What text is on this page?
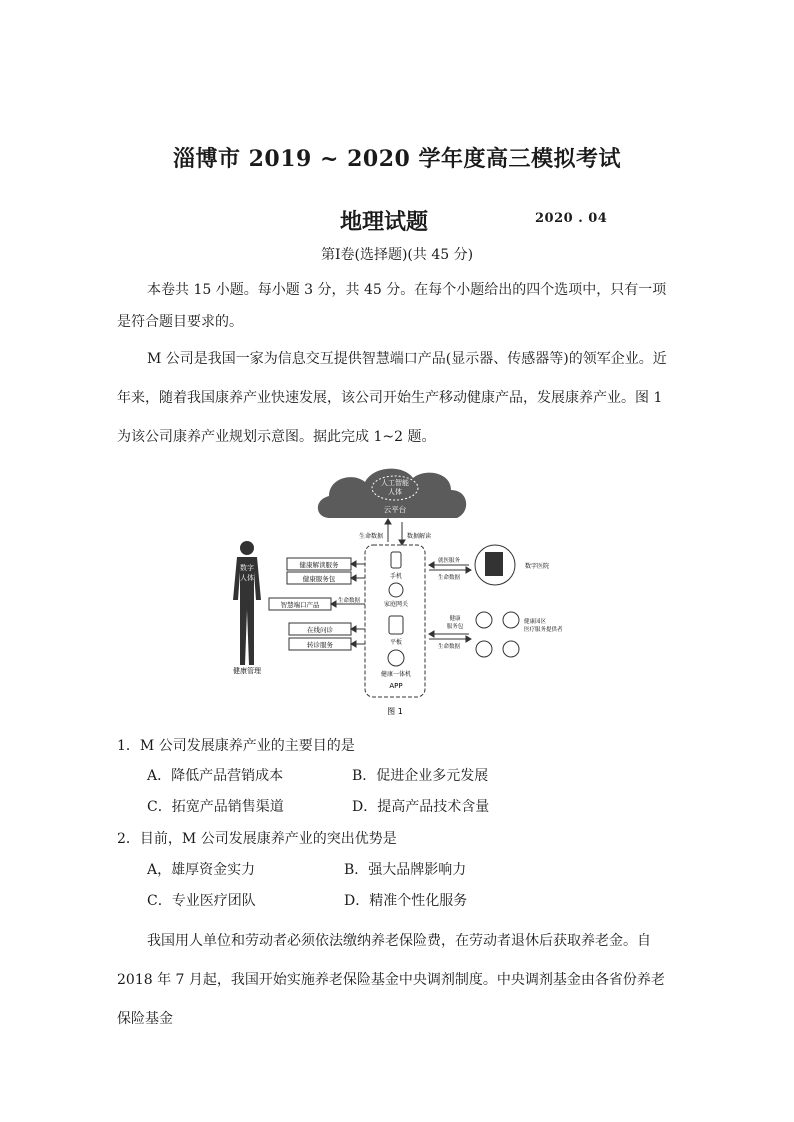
淄博市 2019 ~ 2020 学年度高三模拟考试
地理试题	2020 . 04
第Ⅰ卷(选择题)(共 45 分)
本卷共 15 小题。每小题 3 分，共 45 分。在每个小题给出的四个选项中，只有一项是符合题目要求的。
M 公司是我国一家为信息交互提供智慧端口产品(显示器、传感器等)的领军企业。近年来，随着我国康养产业快速发展，该公司开始生产移动健康产品，发展康养产业。图 1 为该公司康养产业规划示意图。据此完成 1~2 题。
人工智能
人体
云平台
生命数据	数据解读
手机
家庭网关
平板
健康一体机
APP
数字
人体
健康管理
健康解读服务
健康服务包
智慧端口产品
在线问诊
转诊服务
生命数据
就医服务
生命数据
数字医院
健康
服务包
生命数据
健康园区
医疗服务提供者
图 1
1．M 公司发展康养产业的主要目的是
A．降低产品营销成本	B．促进企业多元发展
C．拓宽产品销售渠道	D．提高产品技术含量
2．目前，M 公司发展康养产业的突出优势是
A，雄厚资金实力	B．强大品牌影响力
C．专业医疗团队	D．精准个性化服务
我国用人单位和劳动者必须依法缴纳养老保险费，在劳动者退休后获取养老金。自 2018 年 7 月起，我国开始实施养老保险基金中央调剂制度。中央调剂基金由各省份养老保险基金
